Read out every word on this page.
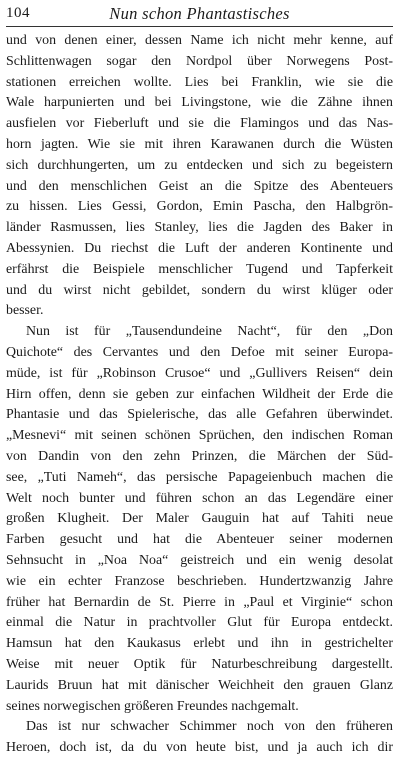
104	Nun schon Phantastisches

und von denen einer, dessen Name ich nicht mehr kenne, auf
Schlittenwagen sogar den Nordpol über Norwegens Post-
stationen erreichen wollte. Lies bei Franklin, wie sie die
Wale harpunierten und bei Livingstone, wie die Zähne ihnen
ausfielen vor Fieberluft und sie die Flamingos und das Nas-
horn jagten. Wie sie mit ihren Karawanen durch die Wüsten
sich durchhungerten, um zu entdecken und sich zu begeistern
und den menschlichen Geist an die Spitze des Abenteuers
zu hissen. Lies Gessi, Gordon, Emin Pascha, den Halbgrön-
länder Rasmussen, lies Stanley, lies die Jagden des Baker in
Abessynien. Du riechst die Luft der anderen Kontinente und
erfährst die Beispiele menschlicher Tugend und Tapferkeit
und du wirst nicht gebildet, sondern du wirst klüger oder
besser.

Nun ist für „Tausendundeine Nacht“, für den „Don
Quichote“ des Cervantes und den Defoe mit seiner Europa-
müde, ist für „Robinson Crusoe“ und „Gullivers Reisen“ dein
Hirn offen, denn sie geben zur einfachen Wildheit der Erde die
Phantasie und das Spielerische, das alle Gefahren überwindet.
„Mesnevi“ mit seinen schönen Sprüchen, den indischen Roman
von Dandin von den zehn Prinzen, die Märchen der Süd-
see, „Tuti Nameh“, das persische Papageienbuch machen die
Welt noch bunter und führen schon an das Legendäre einer
großen Klugheit. Der Maler Gauguin hat auf Tahiti neue
Farben gesucht und hat die Abenteuer seiner modernen
Sehnsucht in „Noa Noa“ geistreich und ein wenig desolat
wie ein echter Franzose beschrieben. Hundertzwanzig Jahre
früher hat Bernardin de St. Pierre in „Paul et Virginie“ schon
einmal die Natur in prachtvoller Glut für Europa entdeckt.
Hamsun hat den Kaukasus erlebt und ihn in gestrichelter
Weise mit neuer Optik für Naturbeschreibung dargestellt.
Laurids Bruun hat mit dänischer Weichheit den grauen Glanz
seines norwegischen größeren Freundes nachgemalt.

Das ist nur schwacher Schimmer noch von den früheren
Heroen, doch ist, da du von heute bist, und ja auch ich dir
